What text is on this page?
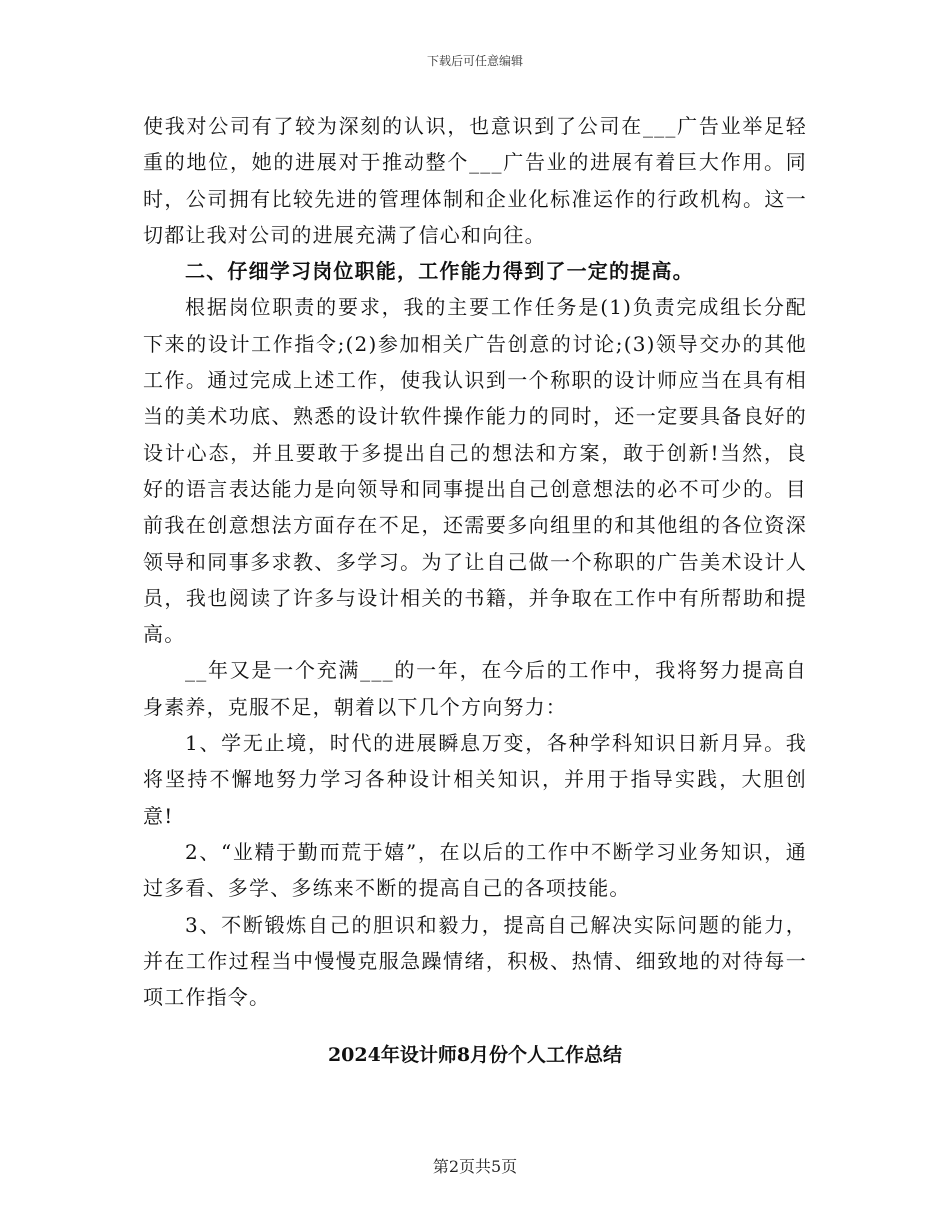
下载后可任意编辑

使我对公司有了较为深刻的认识，也意识到了公司在___广告业举足轻重的地位，她的进展对于推动整个___广告业的进展有着巨大作用。同时，公司拥有比较先进的管理体制和企业化标准运作的行政机构。这一切都让我对公司的进展充满了信心和向往。

二、仔细学习岗位职能，工作能力得到了一定的提高。

根据岗位职责的要求，我的主要工作任务是(1)负责完成组长分配下来的设计工作指令;(2)参加相关广告创意的讨论;(3)领导交办的其他工作。通过完成上述工作，使我认识到一个称职的设计师应当在具有相当的美术功底、熟悉的设计软件操作能力的同时，还一定要具备良好的设计心态，并且要敢于多提出自己的想法和方案，敢于创新!当然，良好的语言表达能力是向领导和同事提出自己创意想法的必不可少的。目前我在创意想法方面存在不足，还需要多向组里的和其他组的各位资深领导和同事多求教、多学习。为了让自己做一个称职的广告美术设计人员，我也阅读了许多与设计相关的书籍，并争取在工作中有所帮助和提高。

__年又是一个充满___的一年，在今后的工作中，我将努力提高自身素养，克服不足，朝着以下几个方向努力：

1、学无止境，时代的进展瞬息万变，各种学科知识日新月异。我将坚持不懈地努力学习各种设计相关知识，并用于指导实践，大胆创意!

2、“业精于勤而荒于嬉”，在以后的工作中不断学习业务知识，通过多看、多学、多练来不断的提高自己的各项技能。

3、不断锻炼自己的胆识和毅力，提高自己解决实际问题的能力，并在工作过程当中慢慢克服急躁情绪，积极、热情、细致地的对待每一项工作指令。

2024年设计师8月份个人工作总结
第2页共5页
